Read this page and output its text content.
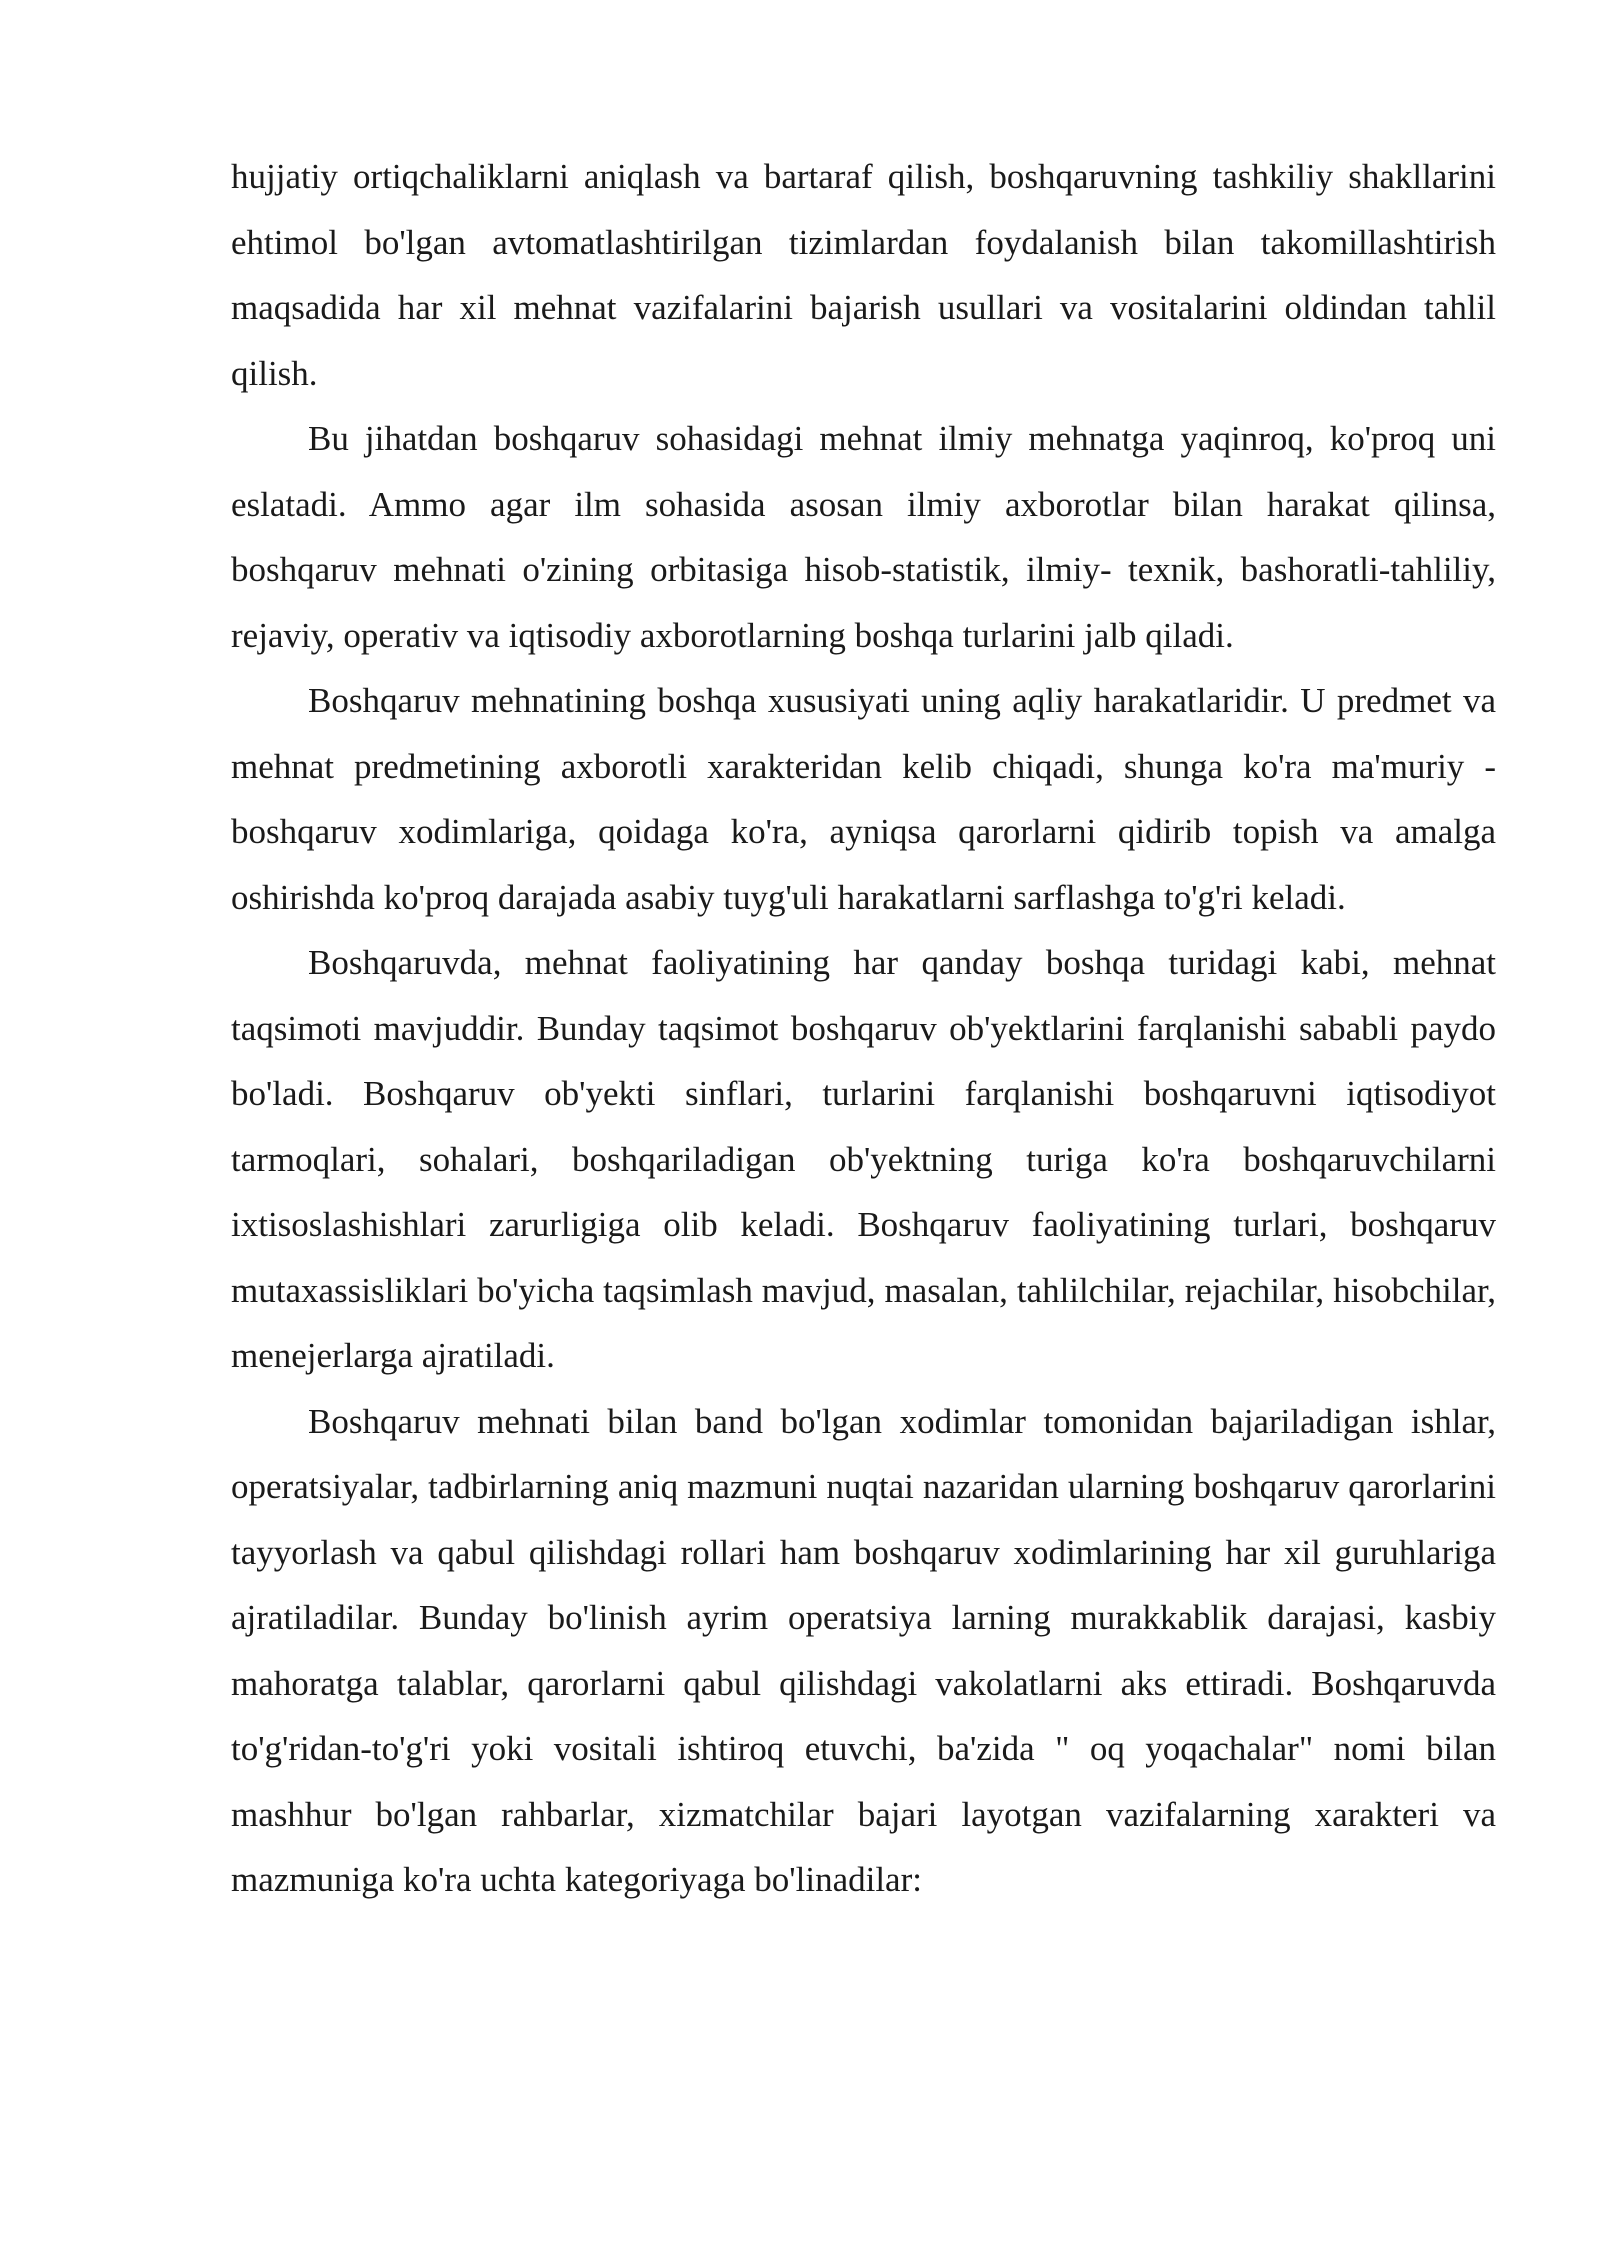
hujjatiy ortiqchaliklarni aniqlash va bartaraf qilish, boshqaruvning tashkiliy shakllarini ehtimol bo'lgan avtomatlashtirilgan tizimlardan foydalanish bilan takomillashtirish maqsadida har xil mehnat vazifalarini bajarish usullari va vositalarini oldindan tahlil qilish.

Bu jihatdan boshqaruv sohasidagi mehnat ilmiy mehnatga yaqinroq, ko'proq uni eslatadi. Ammo agar ilm sohasida asosan ilmiy axborotlar bilan harakat qilinsa, boshqaruv mehnati o'zining orbitasiga hisob-statistik, ilmiy- texnik, bashoratli-tahliliy, rejaviy, operativ va iqtisodiy axborotlarning boshqa turlarini jalb qiladi.

Boshqaruv mehnatining boshqa xususiyati uning aqliy harakatlaridir. U predmet va mehnat predmetining axborotli xarakteridan kelib chiqadi, shunga ko'ra ma'muriy - boshqaruv xodimlariga, qoidaga ko'ra, ayniqsa qarorlarni qidirib topish va amalga oshirishda ko'proq darajada asabiy tuyg'uli harakatlarni sarflashga to'g'ri keladi.

Boshqaruvda, mehnat faoliyatining har qanday boshqa turidagi kabi, mehnat taqsimoti mavjuddir. Bunday taqsimot boshqaruv ob'yektlarini farqlanishi sababli paydo bo'ladi. Boshqaruv ob'yekti sinflari, turlarini farqlanishi boshqaruvni iqtisodiyot tarmoqlari, sohalari, boshqariladigan ob'yektning turiga ko'ra boshqaruvchilarni ixtisoslashishlari zarurligiga olib keladi. Boshqaruv faoliyatining turlari, boshqaruv mutaxassisliklari bo'yicha taqsimlash mavjud, masalan, tahlilchilar, rejachilar, hisobchilar, menejerlarga ajratiladi.

Boshqaruv mehnati bilan band bo'lgan xodimlar tomonidan bajariladigan ishlar, operatsiyalar, tadbirlarning aniq mazmuni nuqtai nazaridan ularning boshqaruv qarorlarini tayyorlash va qabul qilishdagi rollari ham boshqaruv xodimlarining har xil guruhlariga ajratiladilar. Bunday bo'linish ayrim operatsiya larning murakkablik darajasi, kasbiy mahoratga talablar, qarorlarni qabul qilishdagi vakolatlarni aks ettiradi. Boshqaruvda to'g'ridan-to'g'ri yoki vositali ishtiroq etuvchi, ba'zida " oq yoqachalar" nomi bilan mashhur bo'lgan rahbarlar, xizmatchilar bajari layotgan vazifalarning xarakteri va mazmuniga ko'ra uchta kategoriyaga bo'linadilar:
